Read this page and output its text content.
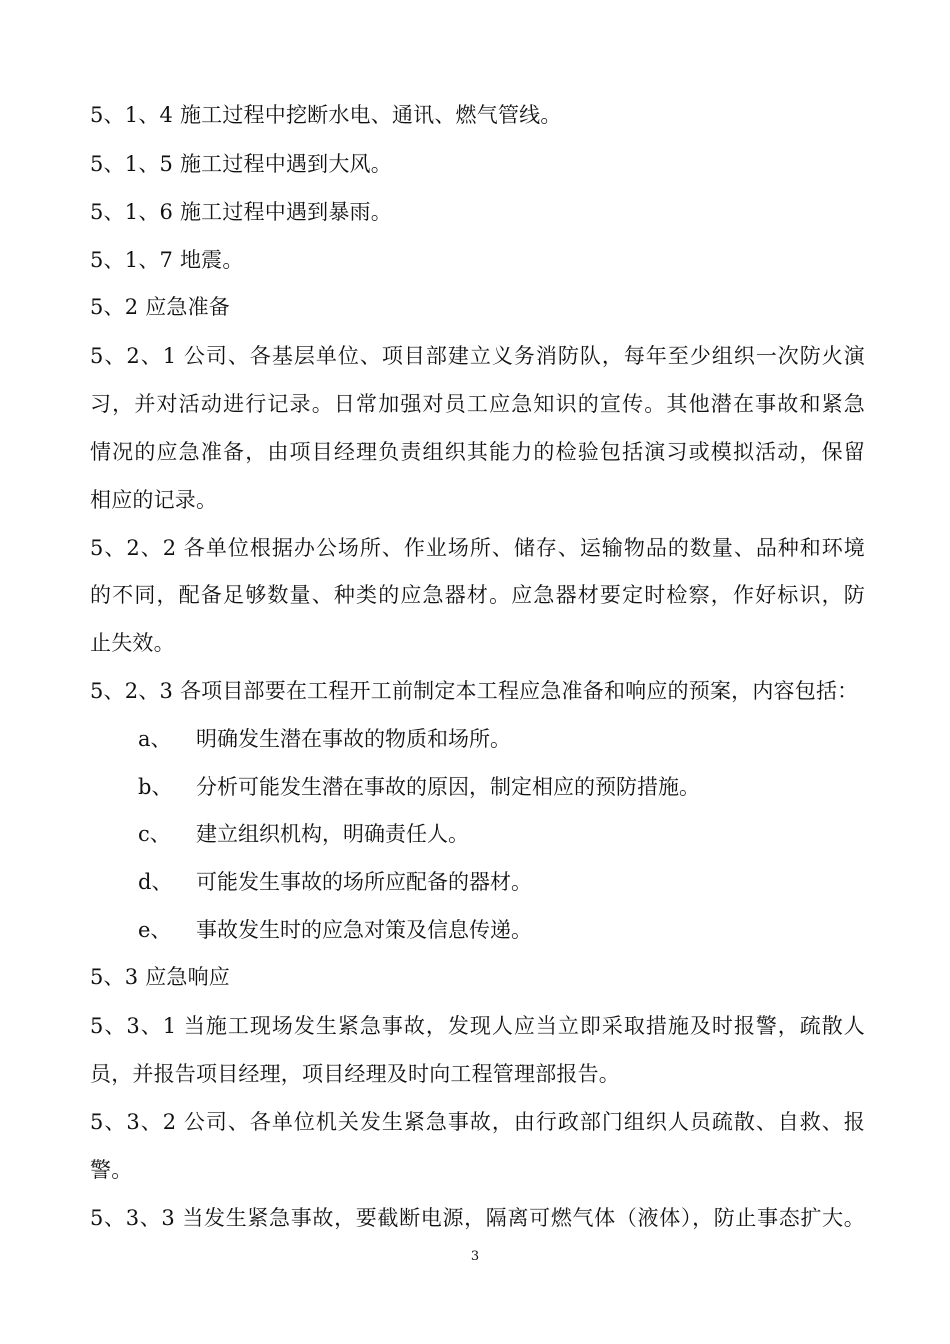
5、1、4 施工过程中挖断水电、通讯、燃气管线。
5、1、5 施工过程中遇到大风。
5、1、6 施工过程中遇到暴雨。
5、1、7 地震。
5、2 应急准备
5、2、1 公司、各基层单位、项目部建立义务消防队，每年至少组织一次防火演
习，并对活动进行记录。日常加强对员工应急知识的宣传。其他潜在事故和紧急
情况的应急准备，由项目经理负责组织其能力的检验包括演习或模拟活动，保留
相应的记录。
5、2、2 各单位根据办公场所、作业场所、储存、运输物品的数量、品种和环境
的不同，配备足够数量、种类的应急器材。应急器材要定时检察，作好标识，防
止失效。
5、2、3 各项目部要在工程开工前制定本工程应急准备和响应的预案，内容包括：
a、 明确发生潜在事故的物质和场所。
b、 分析可能发生潜在事故的原因，制定相应的预防措施。
c、 建立组织机构，明确责任人。
d、 可能发生事故的场所应配备的器材。
e、 事故发生时的应急对策及信息传递。
5、3 应急响应
5、3、1 当施工现场发生紧急事故，发现人应当立即采取措施及时报警，疏散人
员，并报告项目经理，项目经理及时向工程管理部报告。
5、3、2 公司、各单位机关发生紧急事故，由行政部门组织人员疏散、自救、报
警。
5、3、3 当发生紧急事故，要截断电源，隔离可燃气体（液体），防止事态扩大。
3
